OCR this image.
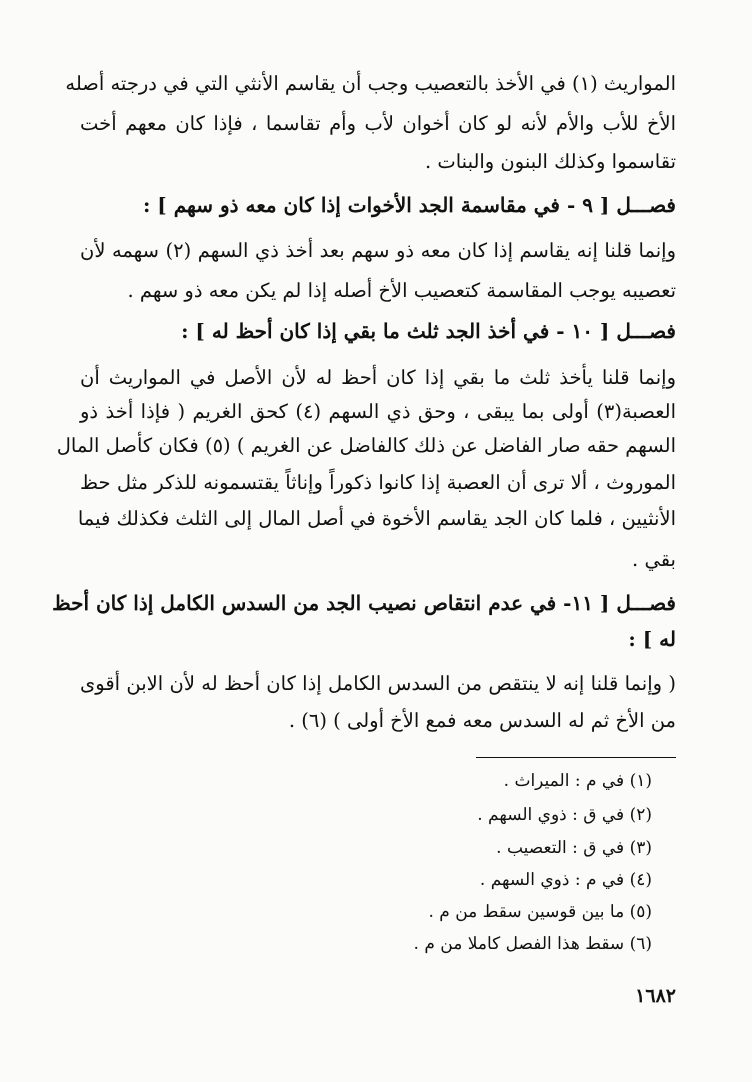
المواريث (١) في الأخذ بالتعصيب وجب أن يقاسم الأنثي التي في درجته أصله
الأخ للأب والأم لأنه لو كان أخوان لأب وأم تقاسما ، فإذا كان معهم أخت
تقاسموا وكذلك البنون والبنات .
فصـــل [ ٩ - في مقاسمة الجد الأخوات إذا كان معه ذو سهم ] :
وإنما قلنا إنه يقاسم إذا كان معه ذو سهم بعد أخذ ذي السهم (٢) سهمه لأن
تعصيبه يوجب المقاسمة كتعصيب الأخ أصله إذا لم يكن معه ذو سهم .
فصـــل [ ١٠ - في أخذ الجد ثلث ما بقي إذا كان أحظ له ] :
وإنما قلنا يأخذ ثلث ما بقي إذا كان أحظ له لأن الأصل في المواريث أن
العصبة(٣) أولى بما يبقى ، وحق ذي السهم (٤) كحق الغريم ( فإذا أخذ ذو
السهم حقه صار الفاضل عن ذلك كالفاضل عن الغريم ) (٥) فكان كأصل المال
الموروث ، ألا ترى أن العصبة إذا كانوا ذكوراً وإناثاً يقتسمونه للذكر مثل حظ
الأنثيين ، فلما كان الجد يقاسم الأخوة في أصل المال إلى الثلث فكذلك فيما
بقي .
فصـــل [ ١١- في عدم انتقاص نصيب الجد من السدس الكامل إذا كان أحظ
له ] :
( وإنما قلنا إنه لا ينتقص من السدس الكامل إذا كان أحظ له لأن الابن أقوى
من الأخ ثم له السدس معه فمع الأخ أولى ) (٦) .
(١) في م : الميراث .
(٢) في ق : ذوي السهم .
(٣) في ق : التعصيب .
(٤) في م : ذوي السهم .
(٥) ما بين قوسين سقط من م .
(٦) سقط هذا الفصل كاملا من م .
١٦٨٢
